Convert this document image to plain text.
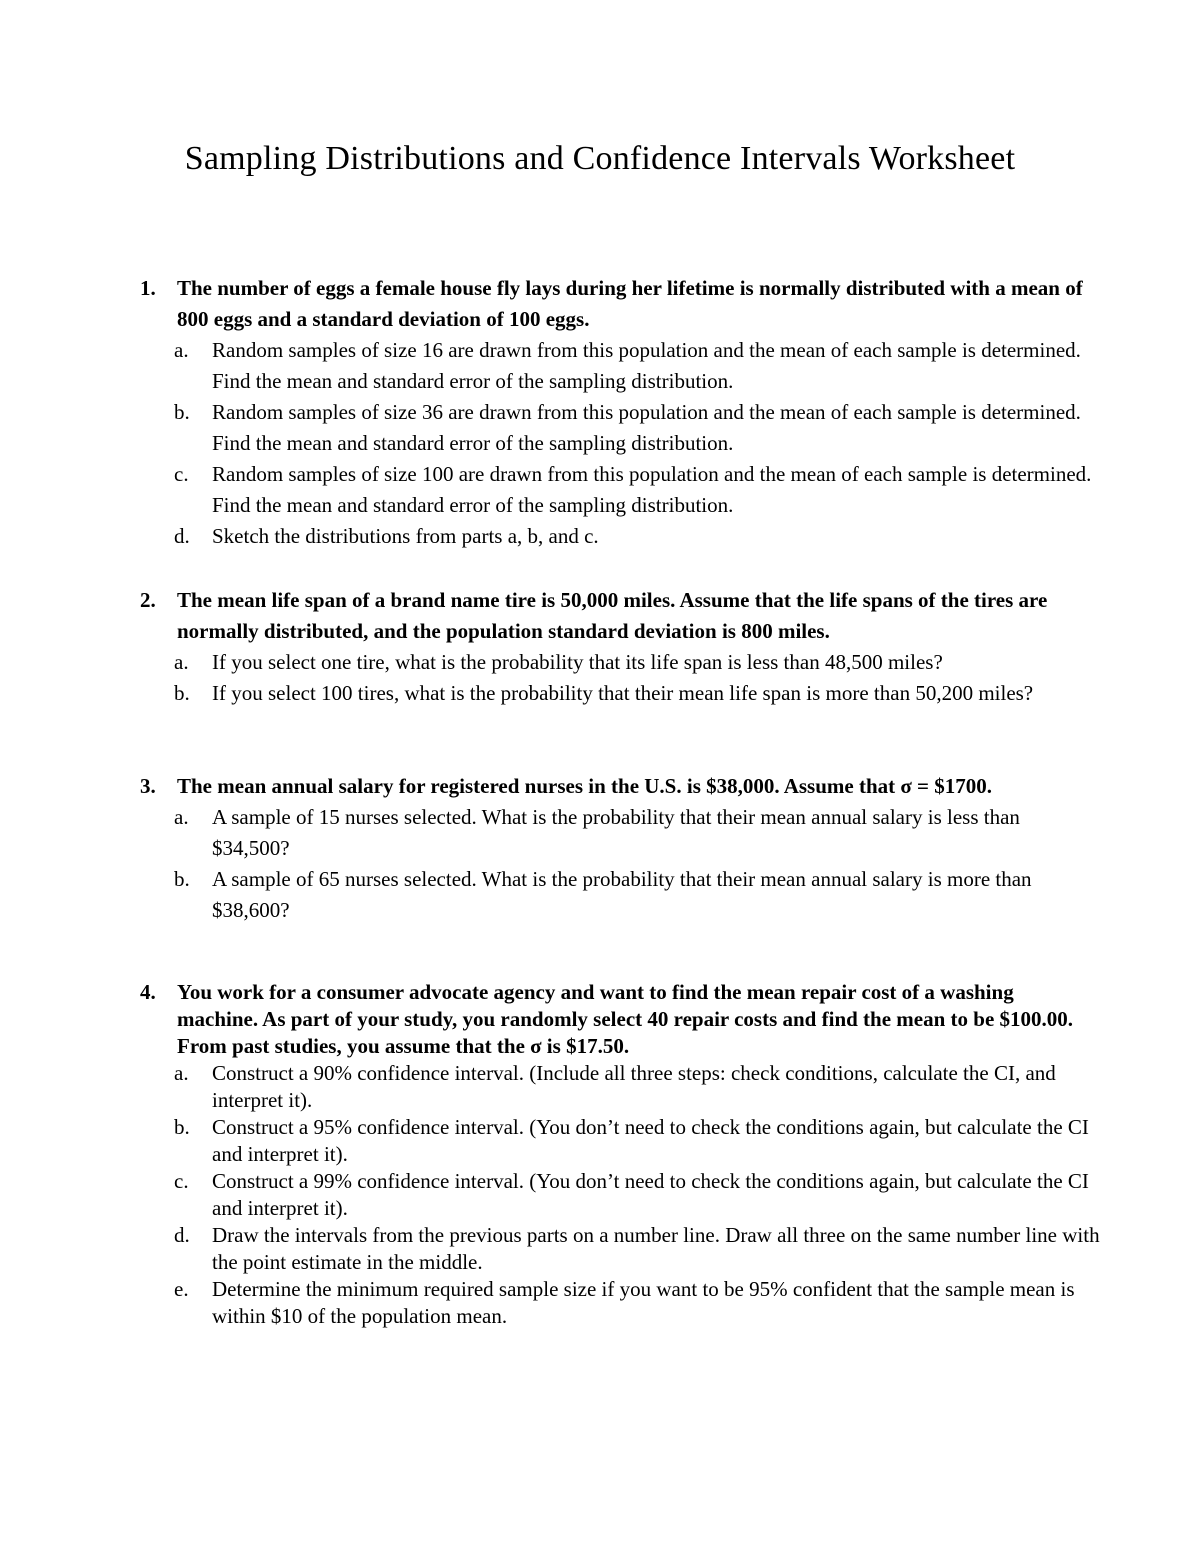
Sampling Distributions and Confidence Intervals Worksheet
1. The number of eggs a female house fly lays during her lifetime is normally distributed with a mean of 800 eggs and a standard deviation of 100 eggs.
a. Random samples of size 16 are drawn from this population and the mean of each sample is determined. Find the mean and standard error of the sampling distribution.
b. Random samples of size 36 are drawn from this population and the mean of each sample is determined. Find the mean and standard error of the sampling distribution.
c. Random samples of size 100 are drawn from this population and the mean of each sample is determined. Find the mean and standard error of the sampling distribution.
d. Sketch the distributions from parts a, b, and c.
2. The mean life span of a brand name tire is 50,000 miles. Assume that the life spans of the tires are normally distributed, and the population standard deviation is 800 miles.
a. If you select one tire, what is the probability that its life span is less than 48,500 miles?
b. If you select 100 tires, what is the probability that their mean life span is more than 50,200 miles?
3. The mean annual salary for registered nurses in the U.S. is $38,000. Assume that σ = $1700.
a. A sample of 15 nurses selected. What is the probability that their mean annual salary is less than $34,500?
b. A sample of 65 nurses selected. What is the probability that their mean annual salary is more than $38,600?
4. You work for a consumer advocate agency and want to find the mean repair cost of a washing machine. As part of your study, you randomly select 40 repair costs and find the mean to be $100.00. From past studies, you assume that the σ is $17.50.
a. Construct a 90% confidence interval. (Include all three steps: check conditions, calculate the CI, and interpret it).
b. Construct a 95% confidence interval. (You don’t need to check the conditions again, but calculate the CI and interpret it).
c. Construct a 99% confidence interval. (You don’t need to check the conditions again, but calculate the CI and interpret it).
d. Draw the intervals from the previous parts on a number line. Draw all three on the same number line with the point estimate in the middle.
e. Determine the minimum required sample size if you want to be 95% confident that the sample mean is within $10 of the population mean.
